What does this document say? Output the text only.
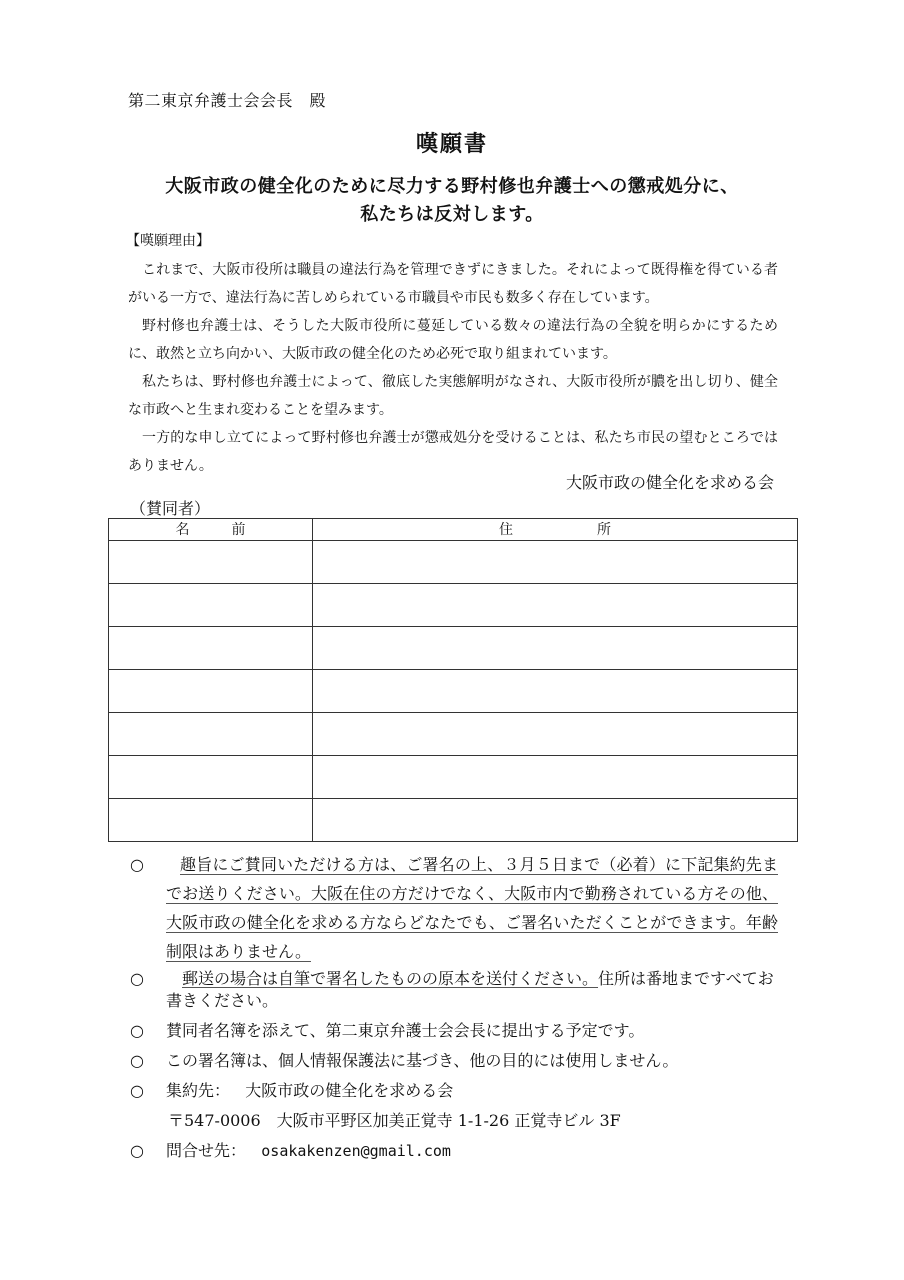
第二東京弁護士会会長　殿
嘆願書
大阪市政の健全化のために尽力する野村修也弁護士への懲戒処分に、
私たちは反対します。
【嘆願理由】

これまで、大阪市役所は職員の違法行為を管理できずにきました。それによって既得権を得ている者がいる一方で、違法行為に苦しめられている市職員や市民も数多く存在しています。

野村修也弁護士は、そうした大阪市役所に蔓延している数々の違法行為の全貌を明らかにするために、敢然と立ち向かい、大阪市政の健全化のため必死で取り組まれています。

私たちは、野村修也弁護士によって、徹底した実態解明がなされ、大阪市役所が膿を出し切り、健全な市政へと生まれ変わることを望みます。

一方的な申し立てによって野村修也弁護士が懲戒処分を受けることは、私たち市民の望むところではありません。

大阪市政の健全化を求める会
（賛同者）
名　　　前	住　　　　　　所

○	趣旨にご賛同いただける方は、ご署名の上、３月５日まで（必着）に下記集約先までお送りください。大阪在住の方だけでなく、大阪市内で勤務されている方その他、大阪市政の健全化を求める方ならどなたでも、ご署名いただくことができます。年齢制限はありません。
○	郵送の場合は自筆で署名したものの原本を送付ください。住所は番地まですべてお書きください。
○ 賛同者名簿を添えて、第二東京弁護士会会長に提出する予定です。
○ この署名簿は、個人情報保護法に基づき、他の目的には使用しません。
○ 集約先： 大阪市政の健全化を求める会
〒547-0006　大阪市平野区加美正覚寺 1-1-26 正覚寺ビル 3F
○ 問合せ先： osakakenzen@gmail.com
